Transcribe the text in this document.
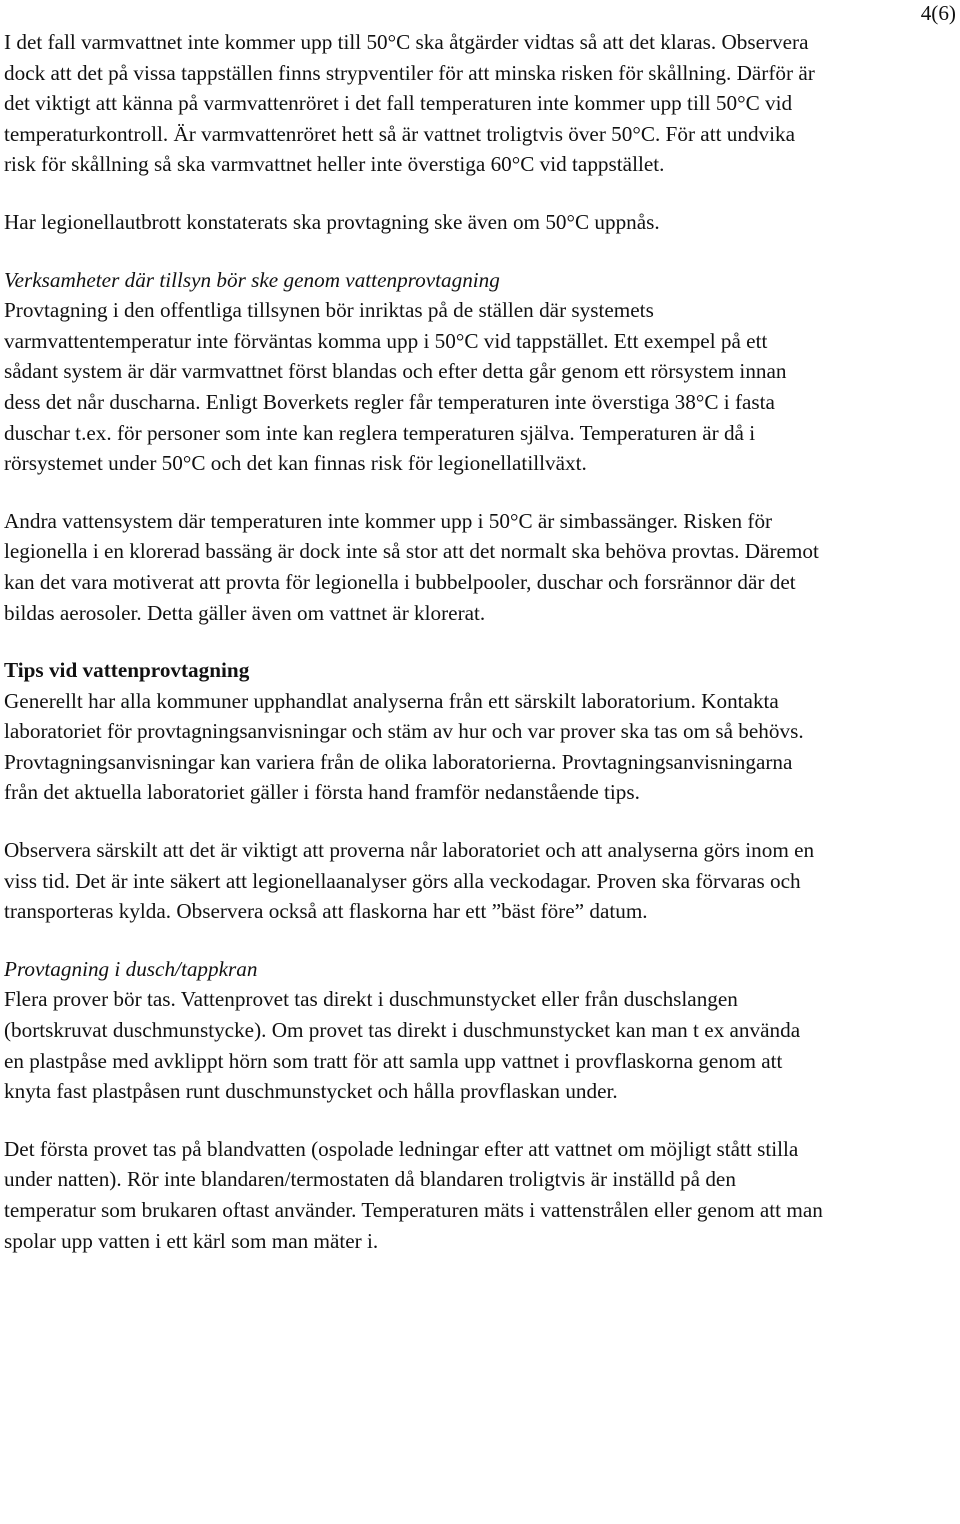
4(6)

I det fall varmvattnet inte kommer upp till 50°C ska åtgärder vidtas så att det klaras. Observera dock att det på vissa tappställen finns strypventiler för att minska risken för skållning. Därför är det viktigt att känna på varmvattenröret i det fall temperaturen inte kommer upp till 50°C vid temperaturkontroll. Är varmvattenröret hett så är vattnet troligtvis över 50°C. För att undvika risk för skållning så ska varmvattnet heller inte överstiga 60°C vid tappstället.

Har legionellautbrott konstaterats ska provtagning ske även om 50°C uppnås.

Verksamheter där tillsyn bör ske genom vattenprovtagning

Provtagning i den offentliga tillsynen bör inriktas på de ställen där systemets varmvattentemperatur inte förväntas komma upp i 50°C vid tappstället. Ett exempel på ett sådant system är där varmvattnet först blandas och efter detta går genom ett rörsystem innan dess det når duscharna. Enligt Boverkets regler får temperaturen inte överstiga 38°C i fasta duschar t.ex. för personer som inte kan reglera temperaturen själva. Temperaturen är då i rörsystemet under 50°C och det kan finnas risk för legionellatillväxt.

Andra vattensystem där temperaturen inte kommer upp i 50°C är simbassänger. Risken för legionella i en klorerad bassäng är dock inte så stor att det normalt ska behöva provtas. Däremot kan det vara motiverat att provta för legionella i bubbelpooler, duschar och forsrännor där det bildas aerosoler. Detta gäller även om vattnet är klorerat.

Tips vid vattenprovtagning

Generellt har alla kommuner upphandlat analyserna från ett särskilt laboratorium. Kontakta laboratoriet för provtagningsanvisningar och stäm av hur och var prover ska tas om så behövs. Provtagningsanvisningar kan variera från de olika laboratorierna. Provtagningsanvisningarna från det aktuella laboratoriet gäller i första hand framför nedanstående tips.

Observera särskilt att det är viktigt att proverna når laboratoriet och att analyserna görs inom en viss tid. Det är inte säkert att legionellaanalyser görs alla veckodagar. Proven ska förvaras och transporteras kylda. Observera också att flaskorna har ett ”bäst före” datum.

Provtagning i dusch/tappkran

Flera prover bör tas. Vattenprovet tas direkt i duschmunstycket eller från duschslangen (bortskruvat duschmunstycke). Om provet tas direkt i duschmunstycket kan man t ex använda en plastpåse med avklippt hörn som tratt för att samla upp vattnet i provflaskorna genom att knyta fast plastpåsen runt duschmunstycket och hålla provflaskan under.

Det första provet tas på blandvatten (ospolade ledningar efter att vattnet om möjligt stått stilla under natten). Rör inte blandaren/termostaten då blandaren troligtvis är inställd på den temperatur som brukaren oftast använder. Temperaturen mäts i vattenstrålen eller genom att man spolar upp vatten i ett kärl som man mäter i.
